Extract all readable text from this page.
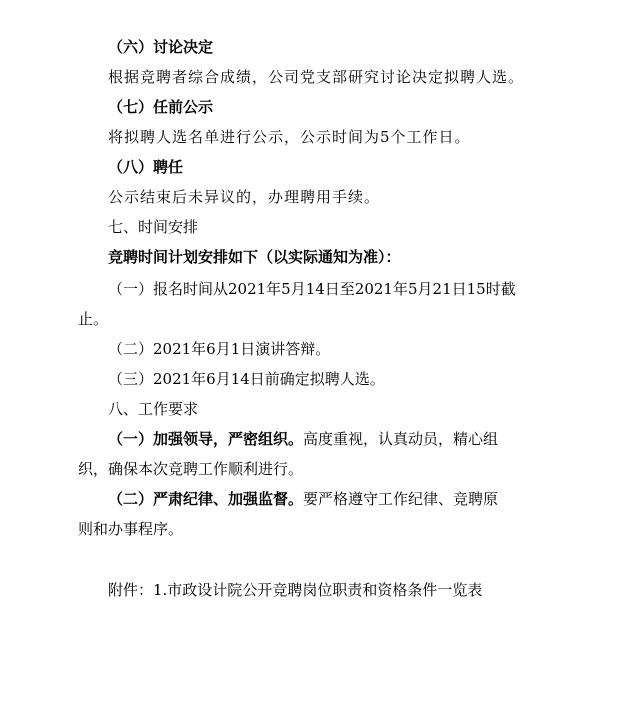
（六）讨论决定
根据竞聘者综合成绩，公司党支部研究讨论决定拟聘人选。
（七）任前公示
将拟聘人选名单进行公示，公示时间为5个工作日。
（八）聘任
公示结束后未异议的，办理聘用手续。
七、时间安排
竞聘时间计划安排如下（以实际通知为准）：
（一）报名时间从2021年5月14日至2021年5月21日15时截
止。
（二）2021年6月1日演讲答辩。
（三）2021年6月14日前确定拟聘人选。
八、工作要求
（一）加强领导，严密组织。高度重视，认真动员，精心组
织，确保本次竞聘工作顺利进行。
（二）严肃纪律、加强监督。要严格遵守工作纪律、竞聘原
则和办事程序。
附件：1.市政设计院公开竞聘岗位职责和资格条件一览表
